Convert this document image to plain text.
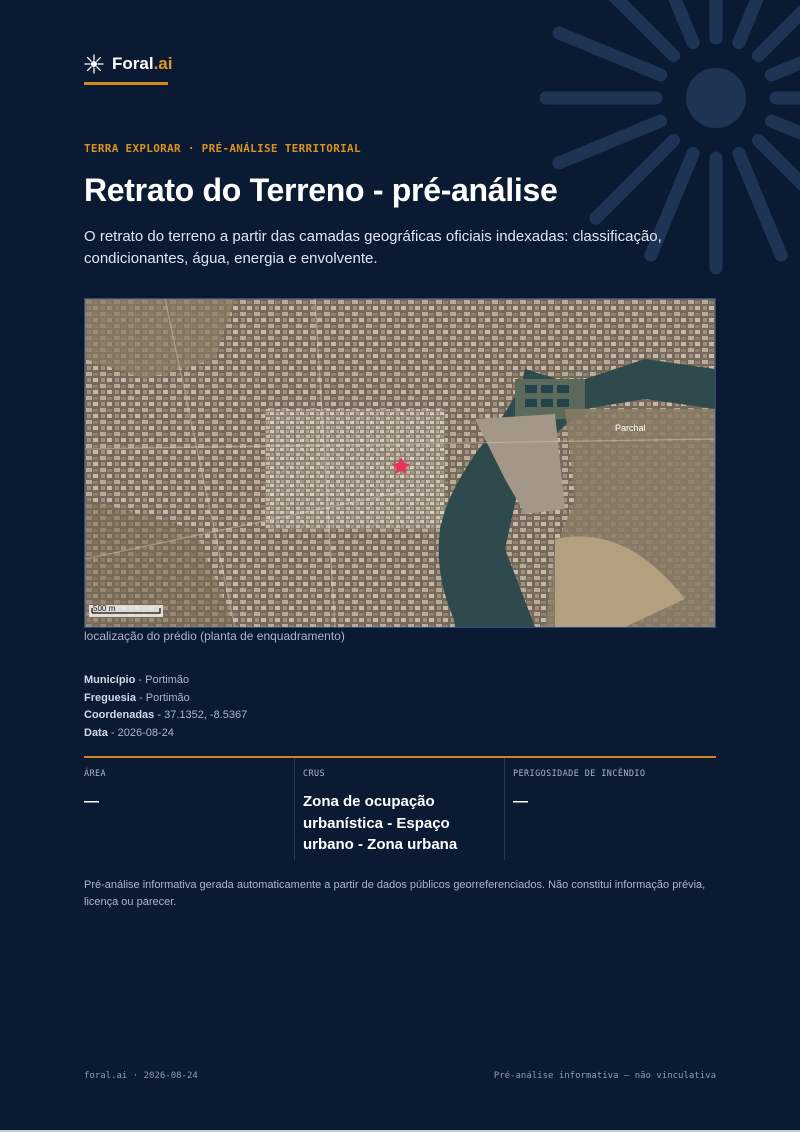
Foral.ai
TERRA EXPLORAR · PRÉ-ANÁLISE TERRITORIAL
Retrato do Terreno - pré-análise
O retrato do terreno a partir das camadas geográficas oficiais indexadas: classificação, condicionantes, água, energia e envolvente.
Parchal
500 m
localização do prédio (planta de enquadramento)
Município - Portimão
Freguesia - Portimão
Coordenadas - 37.1352, -8.5367
Data - 2026-08-24
ÁREA
—
CRUS
Zona de ocupação urbanística - Espaço urbano - Zona urbana
PERIGOSIDADE DE INCÊNDIO
—
Pré-análise informativa gerada automaticamente a partir de dados públicos georreferenciados. Não constitui informação prévia, licença ou parecer.
foral.ai · 2026-08-24	Pré-análise informativa — não vinculativa
